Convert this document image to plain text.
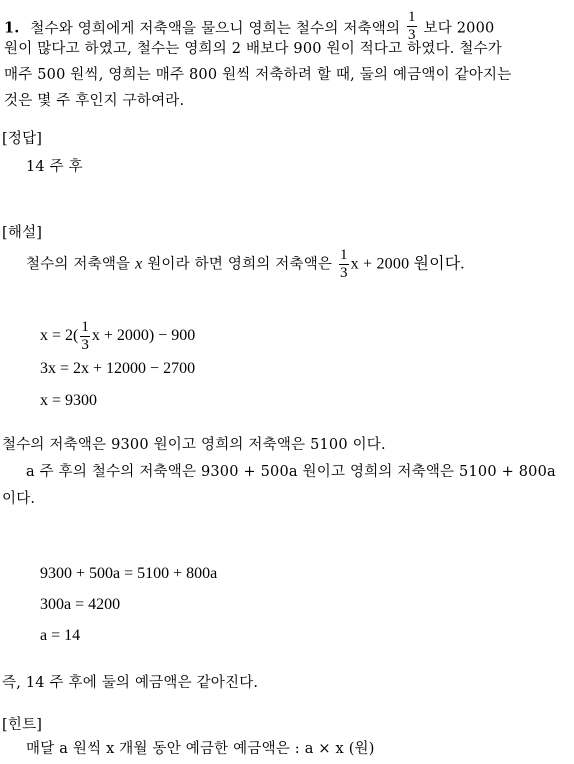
1. 철수와 영희에게 저축액을 물으니 영희는 철수의 저축액의 $\frac{1}{3}$ 보다 2000
원이 많다고 하였고, 철수는 영희의 2 배보다 900 원이 적다고 하였다. 철수가
매주 500 원씩, 영희는 매주 800 원씩 저축하려 할 때, 둘의 예금액이 같아지는
것은 몇 주 후인지 구하여라.
[정답]
14 주 후
[해설]
철수의 저축액을 x 원이라 하면 영희의 저축액은 $\frac{1}{3}$ x + 2000 원이다.
$x = 2( \frac{1}{3}$ x + 2000) − 900
3x = 2x + 12000 − 2700
x = 9300
철수의 저축액은 9300 원이고 영희의 저축액은 5100 이다.
a 주 후의 철수의 저축액은 9300 + 500a 원이고 영희의 저축액은 5100 + 800a
이다.
9300 + 500a = 5100 + 800a
300a = 4200
a = 14
즉, 14 주 후에 둘의 예금액은 같아진다.
[힌트]
매달 a 원씩 x 개월 동안 예금한 예금액은 : a × x (원)
